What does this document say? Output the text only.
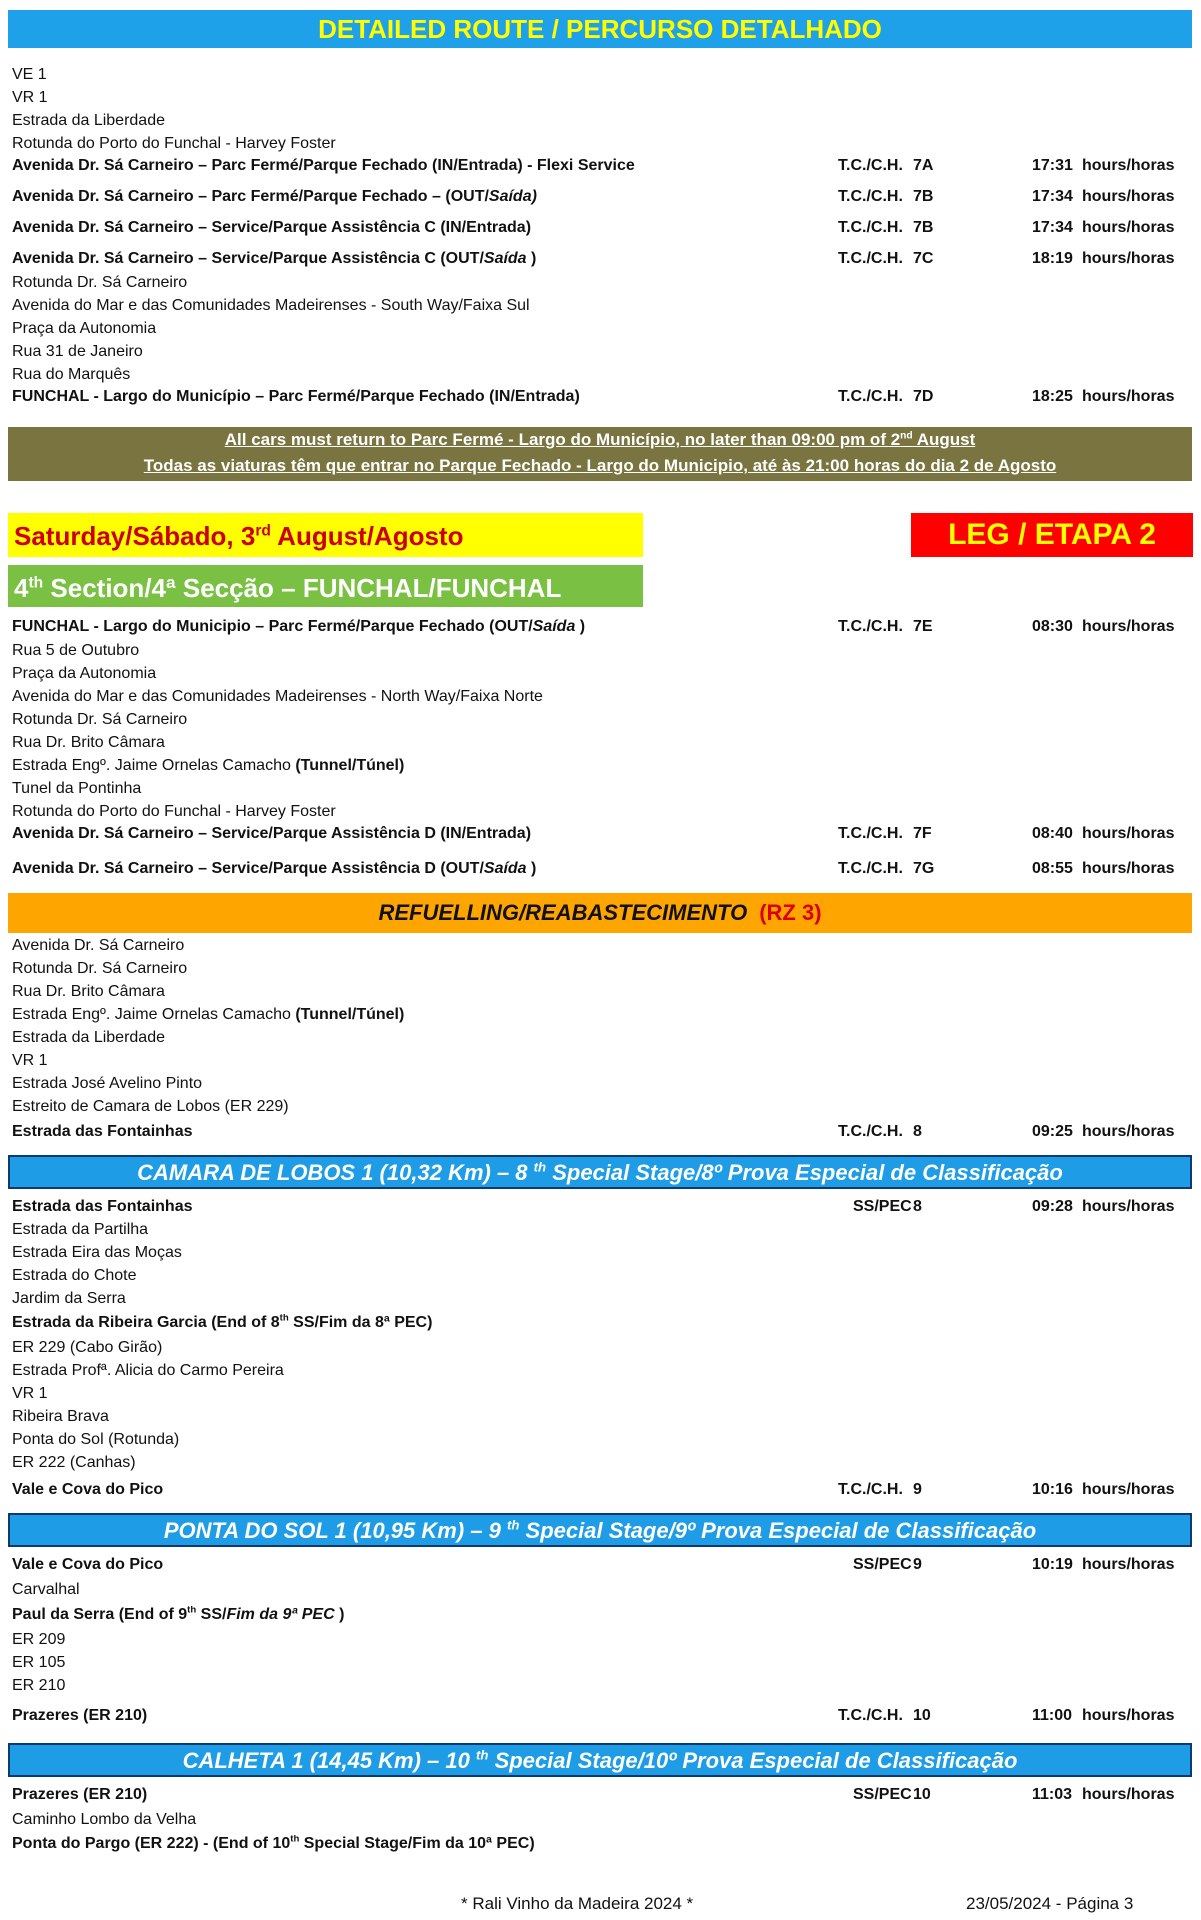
DETAILED ROUTE / PERCURSO DETALHADO
VE 1
VR 1
Estrada da Liberdade
Rotunda do Porto do Funchal - Harvey Foster
Avenida Dr. Sá Carneiro – Parc Fermé/Parque Fechado (IN/Entrada) - Flexi Service	T.C./C.H. 7A	17:31 hours/horas
Avenida Dr. Sá Carneiro – Parc Fermé/Parque Fechado – (OUT/Saída)	T.C./C.H. 7B	17:34 hours/horas
Avenida Dr. Sá Carneiro – Service/Parque Assistência C (IN/Entrada)	T.C./C.H. 7B	17:34 hours/horas
Avenida Dr. Sá Carneiro – Service/Parque Assistência C (OUT/Saída )	T.C./C.H. 7C	18:19 hours/horas
Rotunda Dr. Sá Carneiro
Avenida do Mar e das Comunidades Madeirenses - South Way/Faixa Sul
Praça da Autonomia
Rua 31 de Janeiro
Rua do Marquês
FUNCHAL - Largo do Município – Parc Fermé/Parque Fechado (IN/Entrada)	T.C./C.H. 7D	18:25 hours/horas
All cars must return to Parc Fermé - Largo do Município, no later than 09:00 pm of 2nd August
Todas as viaturas têm que entrar no Parque Fechado - Largo do Municipio, até às 21:00 horas do dia 2 de Agosto
Saturday/Sábado, 3rd August/Agosto	LEG / ETAPA 2
4th Section/4ª Secção – FUNCHAL/FUNCHAL
FUNCHAL - Largo do Municipio – Parc Fermé/Parque Fechado (OUT/Saída )	T.C./C.H. 7E	08:30 hours/horas
Rua 5 de Outubro
Praça da Autonomia
Avenida do Mar e das Comunidades Madeirenses - North Way/Faixa Norte
Rotunda Dr. Sá Carneiro
Rua Dr. Brito Câmara
Estrada Engº. Jaime Ornelas Camacho (Tunnel/Túnel)
Tunel da Pontinha
Rotunda do Porto do Funchal - Harvey Foster
Avenida Dr. Sá Carneiro – Service/Parque Assistência D (IN/Entrada)	T.C./C.H. 7F	08:40 hours/horas
Avenida Dr. Sá Carneiro – Service/Parque Assistência D (OUT/Saída )	T.C./C.H. 7G	08:55 hours/horas
REFUELLING/REABASTECIMENTO (RZ 3)
Avenida Dr. Sá Carneiro
Rotunda Dr. Sá Carneiro
Rua Dr. Brito Câmara
Estrada Engº. Jaime Ornelas Camacho (Tunnel/Túnel)
Estrada da Liberdade
VR 1
Estrada José Avelino Pinto
Estreito de Camara de Lobos (ER 229)
Estrada das Fontainhas	T.C./C.H. 8	09:25 hours/horas
CAMARA DE LOBOS 1 (10,32 Km) – 8 $^{th}$ Special Stage/8º Prova Especial de Classificação
Estrada das Fontainhas	SS/PEC 8	09:28 hours/horas
Estrada da Partilha
Estrada Eira das Moças
Estrada do Chote
Jardim da Serra
Estrada da Ribeira Garcia (End of 8th SS/Fim da 8ª PEC)
ER 229 (Cabo Girão)
Estrada Profª. Alicia do Carmo Pereira
VR 1
Ribeira Brava
Ponta do Sol (Rotunda)
ER 222 (Canhas)
Vale e Cova do Pico	T.C./C.H. 9	10:16 hours/horas
PONTA DO SOL 1 (10,95 Km) – 9 $^{th}$ Special Stage/9º Prova Especial de Classificação
Vale e Cova do Pico	SS/PEC 9	10:19 hours/horas
Carvalhal
Paul da Serra (End of 9th SS/Fim da 9ª PEC )
ER 209
ER 105
ER 210
Prazeres (ER 210)	T.C./C.H. 10	11:00 hours/horas
CALHETA 1 (14,45 Km) – 10 $^{th}$ Special Stage/10º Prova Especial de Classificação
Prazeres (ER 210)	SS/PEC 10	11:03 hours/horas
Caminho Lombo da Velha
Ponta do Pargo (ER 222) - (End of 10th Special Stage/Fim da 10ª PEC)
* Rali Vinho da Madeira 2024 *	23/05/2024 - Página 3
